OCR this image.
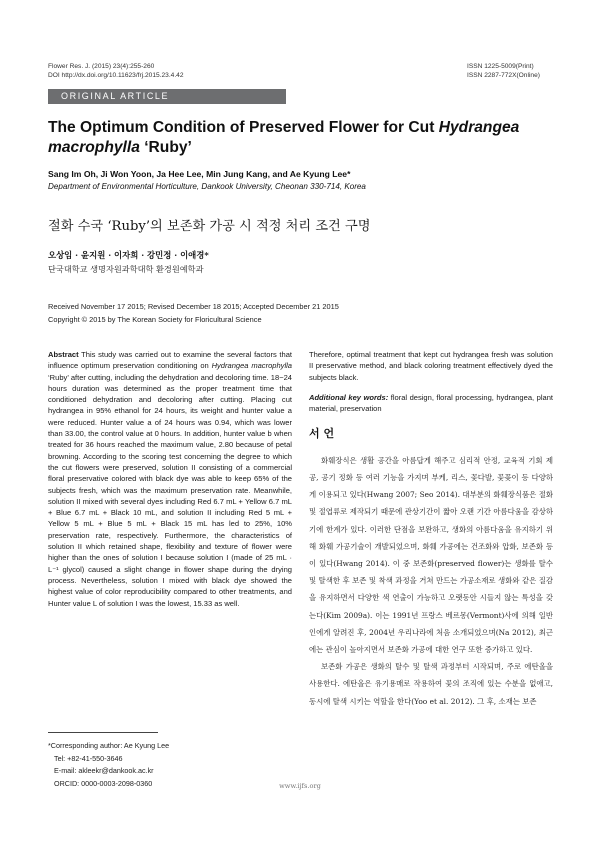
Flower Res. J. (2015) 23(4):255-260
DOI http://dx.doi.org/10.11623/frj.2015.23.4.42
ISSN 1225-5009(Print)
ISSN 2287-772X(Online)
ORIGINAL ARTICLE
The Optimum Condition of Preserved Flower for Cut Hydrangea macrophylla ‘Ruby’
Sang Im Oh, Ji Won Yoon, Ja Hee Lee, Min Jung Kang, and Ae Kyung Lee*
Department of Environmental Horticulture, Dankook University, Cheonan 330-714, Korea
절화 수국 ‘Ruby’의 보존화 가공 시 적정 처리 조건 구명
오상임 · 윤지원 · 이자희 · 강민정 · 이애경*
단국대학교 생명자원과학대학 환경원예학과
Received November 17 2015; Revised December 18 2015; Accepted December 21 2015
Copyright © 2015 by The Korean Society for Floricultural Science

Abstract This study was carried out to examine the several factors that influence optimum preservation conditioning on Hydrangea macrophylla ‘Ruby’ after cutting, including the dehydration and decoloring time. 18−24 hours duration was determined as the proper treatment time that conditioned dehydration and decoloring after cutting. Placing cut hydrangea in 95% ethanol for 24 hours, its weight and hunter value a were reduced. Hunter value a of 24 hours was 0.94, which was lower than 33.00, the control value at 0 hours. In addition, hunter value b when treated for 36 hours reached the maximum value, 2.80 because of petal browning. According to the scoring test concerning the degree to which the cut flowers were preserved, solution II consisting of a commercial floral preservative colored with black dye was able to keep 65% of the subjects fresh, which was the maximum preservation rate. Meanwhile, solution II mixed with several dyes including Red 6.7 mL + Yellow 6.7 mL + Blue 6.7 mL + Black 10 mL, and solution II including Red 5 mL + Yellow 5 mL + Blue 5 mL + Black 15 mL has led to 25%, 10% preservation rate, respectively. Furthermore, the characteristics of solution II which retained shape, flexibility and texture of flower were higher than the ones of solution I because solution I (made of 25 mL · L⁻¹ glycol) caused a slight change in flower shape during the drying process. Nevertheless, solution I mixed with black dye showed the highest value of color reproducibility compared to other treatments, and Hunter value L of solution I was the lowest, 15.33 as well.

Therefore, optimal treatment that kept cut hydrangea fresh was solution II preservative method, and black coloring treatment effectively dyed the subjects black.

Additional key words: floral design, floral processing, hydrangea, plant material, preservation

서 언

화훼장식은 생활 공간을 아름답게 해주고 심리적 안정, 교육적 기회 제공, 공기 정화 등 여러 기능을 가지며 부케, 리스, 꽃다발, 꽃꽂이 등 다양하게 이용되고 있다(Hwang 2007; Seo 2014). 대부분의 화훼장식품은 절화 및 절엽류로 제작되기 때문에 관상기간이 짧아 오랜 기간 아름다움을 감상하기에 한계가 있다. 이러한 단점을 보완하고, 생화의 아름다움을 유지하기 위해 화훼 가공기술이 개발되었으며, 화훼 가공에는 건조화와 압화, 보존화 등이 있다(Hwang 2014). 이 중 보존화(preserved flower)는 생화를 탈수 및 탈색한 후 보존 및 착색 과정을 거쳐 만드는 가공소재로 생화와 같은 질감을 유지하면서 다양한 색 연출이 가능하고 오랫동안 시들지 않는 특성을 갖는다(Kim 2009a). 이는 1991년 프랑스 베르몽(Vermont)사에 의해 일반인에게 알려진 후, 2004년 우리나라에 처음 소개되었으며(Na 2012), 최근에는 관심이 높아지면서 보존화 가공에 대한 연구 또한 증가하고 있다.

보존화 가공은 생화의 탈수 및 탈색 과정부터 시작되며, 주로 에탄올을 사용한다. 에탄올은 유기용매로 작용하여 꽃의 조직에 있는 수분을 없애고, 동시에 탈색 시키는 역할을 한다(Yoo et al. 2012). 그 후, 소재는 보존

*Corresponding author: Ae Kyung Lee
Tel: +82-41-550-3646
E-mail: akleekr@dankook.ac.kr
ORCID: 0000-0003-2098-0360	www.ijfs.org
